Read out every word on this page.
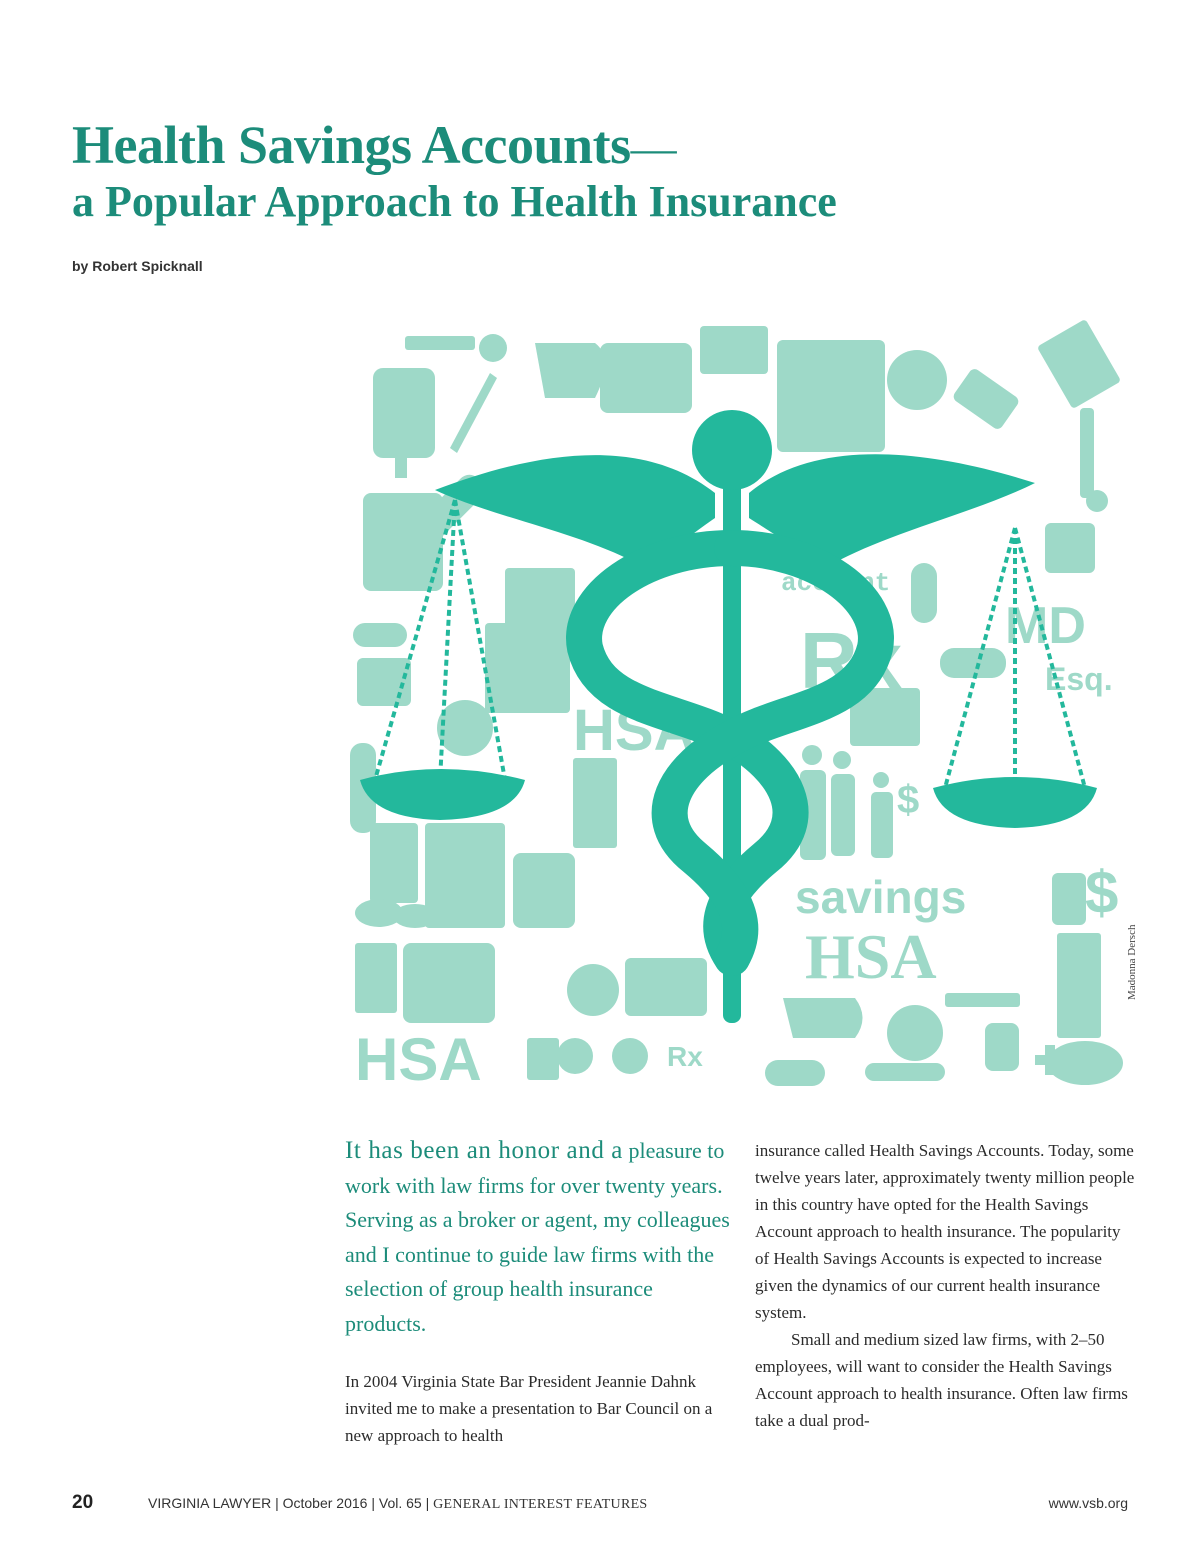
Health Savings Accounts—
a Popular Approach to Health Insurance
by Robert Spicknall
HSA
HSA
HSA
savings
Rx
Rx
MD
Esq.
account
$
$
Madonna Dersch

It has been an honor and a pleasure to work with law firms for over twenty years. Serving as a broker or agent, my colleagues and I continue to guide law firms with the selection of group health insurance products.

In 2004 Virginia State Bar President Jeannie Dahnk invited me to make a presentation to Bar Council on a new approach to health

insurance called Health Savings Accounts. Today, some twelve years later, approximately twenty million people in this country have opted for the Health Savings Account approach to health insurance. The popularity of Health Savings Accounts is expected to increase given the dynamics of our current health insurance system.

Small and medium sized law firms, with 2–50 employees, will want to consider the Health Savings Account approach to health insurance. Often law firms take a dual prod-

20	VIRGINIA LAWYER | October 2016 | Vol. 65 | GENERAL INTEREST FEATURES	www.vsb.org
